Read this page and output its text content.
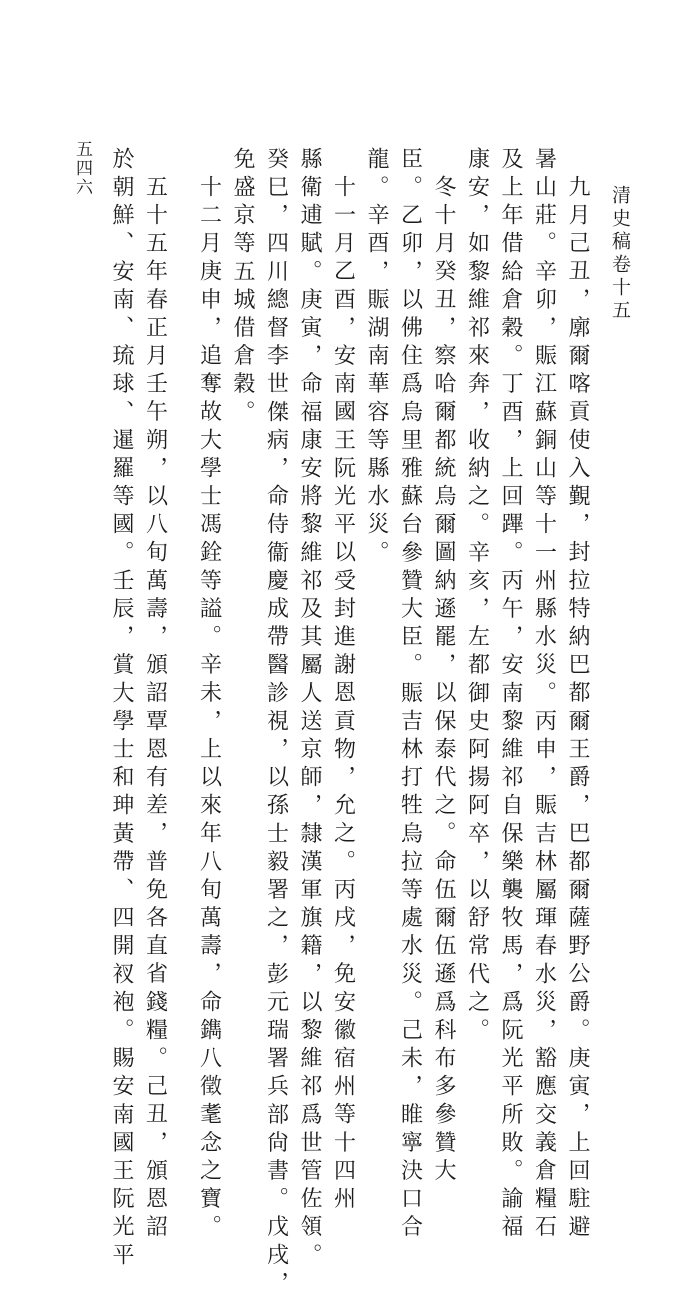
清史稿卷十五
五四六
九月己丑，廓爾喀貢使入覲，封拉特納巴都爾王爵，巴都爾薩野公爵。庚寅，上回駐避
暑山莊。辛卯，賑江蘇銅山等十一州縣水災。丙申，賑吉林屬琿春水災，豁應交義倉糧石
及上年借給倉穀。丁酉，上回蹕。丙午，安南黎維祁自保樂襲牧馬，爲阮光平所敗。諭福
康安，如黎維祁來奔，收納之。辛亥，左都御史阿揚阿卒，以舒常代之。
冬十月癸丑，察哈爾都統烏爾圖納遜罷，以保泰代之。命伍爾伍遜爲科布多參贊大
臣。乙卯，以佛住爲烏里雅蘇台參贊大臣。賑吉林打牲烏拉等處水災。己未，睢寧決口合
龍。辛酉，賑湖南華容等縣水災。
十一月乙酉，安南國王阮光平以受封進謝恩貢物，允之。丙戌，免安徽宿州等十四州
縣衛逋賦。庚寅，命福康安將黎維祁及其屬人送京師，隸漢軍旗籍，以黎維祁爲世管佐領。
癸巳，四川總督李世傑病，命侍衞慶成帶醫診視，以孫士毅署之，彭元瑞署兵部尙書。戊戌，
免盛京等五城借倉穀。
十二月庚申，追奪故大學士馮銓等謚。辛未，上以來年八旬萬壽，命鐫八徵耄念之寶。
五十五年春正月壬午朔，以八旬萬壽，頒詔覃恩有差，普免各直省錢糧。己丑，頒恩詔
於朝鮮、安南、琉球、暹羅等國。壬辰，賞大學士和珅黃帶、四開衩袍。賜安南國王阮光平
